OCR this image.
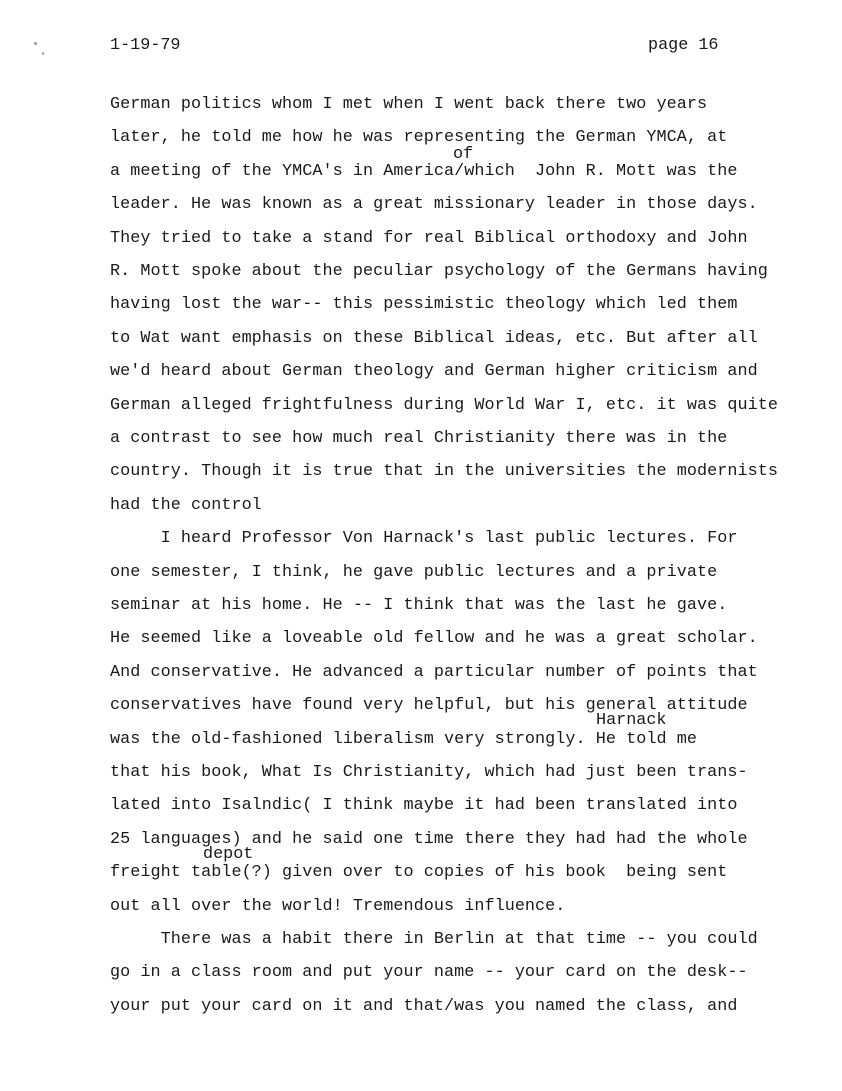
1-19-79	page 16
German politics whom I met when I went back there two years
later, he told me how he was representing the German YMCA, at
a meeting of the YMCA's in America/which  John R. Mott was the
leader. He was known as a great missionary leader in those days.
They tried to take a stand for real Biblical orthodoxy and John
R. Mott spoke about the peculiar psychology of the Germans having
having lost the war-- this pessimistic theology which led them
to Wat want emphasis on these Biblical ideas, etc. But after all
we'd heard about German theology and German higher criticism and
German alleged frightfulness during World War I, etc. it was quite
a contrast to see how much real Christianity there was in the
country. Though it is true that in the universities the modernists
had the control
I heard Professor Von Harnack's last public lectures. For
one semester, I think, he gave public lectures and a private
seminar at his home. He -- I think that was the last he gave.
He seemed like a loveable old fellow and he was a great scholar.
And conservative. He advanced a particular number of points that
conservatives have found very helpful, but his general attitude
was the old-fashioned liberalism very strongly. He told me
that his book, What Is Christianity, which had just been trans-
lated into Isalndic( I think maybe it had been translated into
25 languages) and he said one time there they had had the whole
freight table(?) given over to copies of his book  being sent
out all over the world! Tremendous influence.
There was a habit there in Berlin at that time -- you could
go in a class room and put your name -- your card on the desk--
your put your card on it and that/was you named the class, and
of
Harnack
depot
